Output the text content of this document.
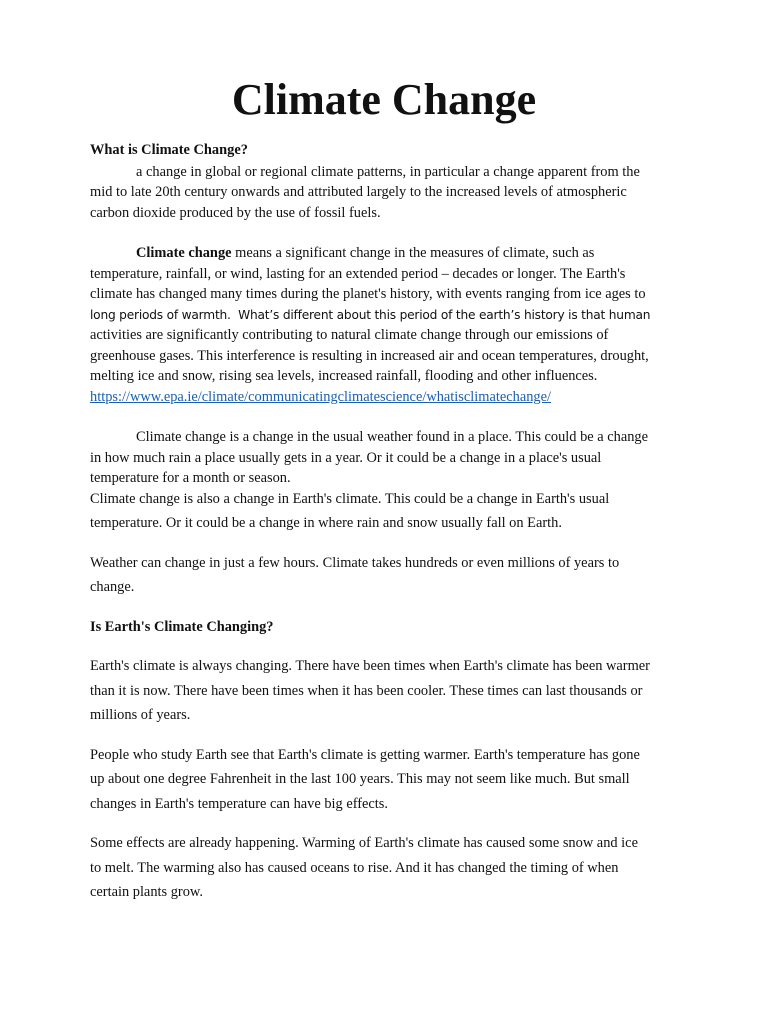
Climate Change

What is Climate Change?

a change in global or regional climate patterns, in particular a change apparent from the
mid to late 20th century onwards and attributed largely to the increased levels of atmospheric
carbon dioxide produced by the use of fossil fuels.

Climate change means a significant change in the measures of climate, such as
temperature, rainfall, or wind, lasting for an extended period – decades or longer. The Earth's
climate has changed many times during the planet's history, with events ranging from ice ages to
long periods of warmth. What’s different about this period of the earth’s history is that human
activities are significantly contributing to natural climate change through our emissions of
greenhouse gases. This interference is resulting in increased air and ocean temperatures, drought,
melting ice and snow, rising sea levels, increased rainfall, flooding and other influences.
https://www.epa.ie/climate/communicatingclimatescience/whatisclimatechange/

Climate change is a change in the usual weather found in a place. This could be a change
in how much rain a place usually gets in a year. Or it could be a change in a place's usual
temperature for a month or season.

Climate change is also a change in Earth's climate. This could be a change in Earth's usual
temperature. Or it could be a change in where rain and snow usually fall on Earth.

Weather can change in just a few hours. Climate takes hundreds or even millions of years to
change.

Is Earth's Climate Changing?

Earth's climate is always changing. There have been times when Earth's climate has been warmer
than it is now. There have been times when it has been cooler. These times can last thousands or
millions of years.

People who study Earth see that Earth's climate is getting warmer. Earth's temperature has gone
up about one degree Fahrenheit in the last 100 years. This may not seem like much. But small
changes in Earth's temperature can have big effects.

Some effects are already happening. Warming of Earth's climate has caused some snow and ice
to melt. The warming also has caused oceans to rise. And it has changed the timing of when
certain plants grow.
